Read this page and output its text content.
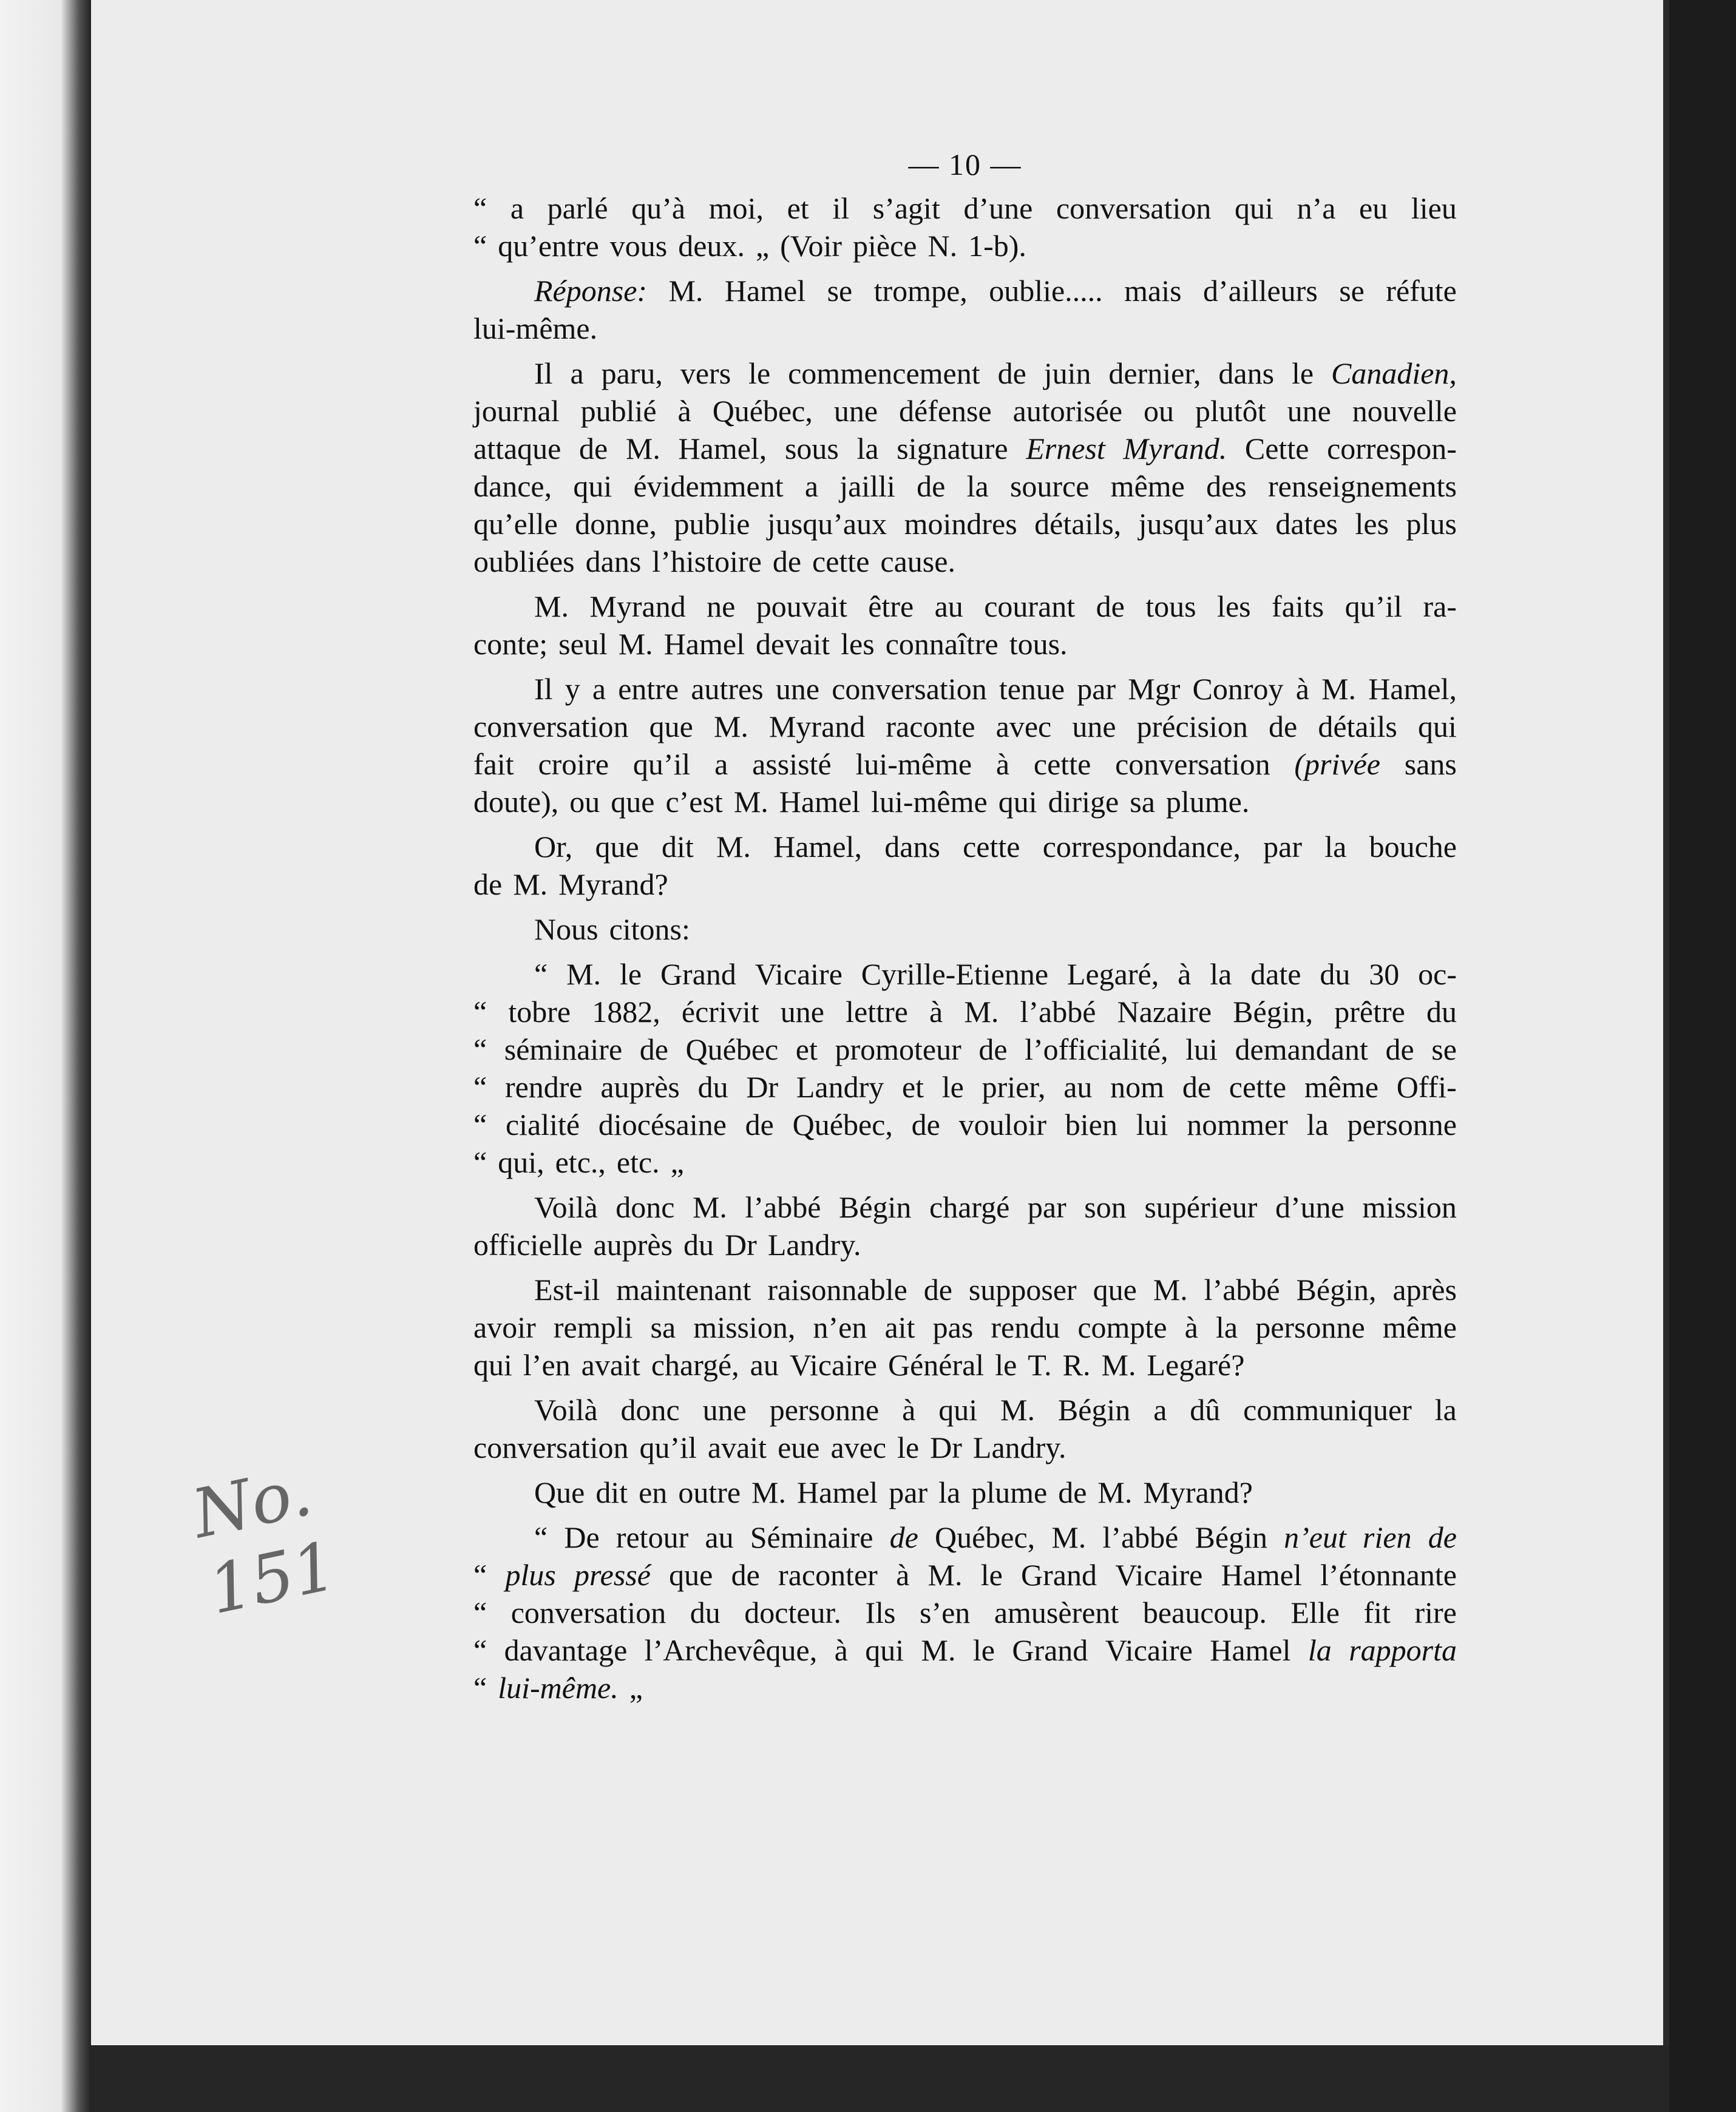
No. 151
— 10 —
“ a parlé qu’à moi, et il s’agit d’une conversation qui n’a eu lieu
“ qu’entre vous deux. „ (Voir pièce N. 1-b).
Réponse: M. Hamel se trompe, oublie..... mais d’ailleurs se réfute
lui-même.
Il a paru, vers le commencement de juin dernier, dans le Canadien,
journal publié à Québec, une défense autorisée ou plutôt une nouvelle
attaque de M. Hamel, sous la signature Ernest Myrand. Cette correspon-
dance, qui évidemment a jailli de la source même des renseignements
qu’elle donne, publie jusqu’aux moindres détails, jusqu’aux dates les plus
oubliées dans l’histoire de cette cause.
M. Myrand ne pouvait être au courant de tous les faits qu’il ra-
conte; seul M. Hamel devait les connaître tous.
Il y a entre autres une conversation tenue par Mgr Conroy à M. Hamel,
conversation que M. Myrand raconte avec une précision de détails qui
fait croire qu’il a assisté lui-même à cette conversation (privée sans
doute), ou que c’est M. Hamel lui-même qui dirige sa plume.
Or, que dit M. Hamel, dans cette correspondance, par la bouche
de M. Myrand?
Nous citons:
“ M. le Grand Vicaire Cyrille-Etienne Legaré, à la date du 30 oc-
“ tobre 1882, écrivit une lettre à M. l’abbé Nazaire Bégin, prêtre du
“ séminaire de Québec et promoteur de l’officialité, lui demandant de se
“ rendre auprès du Dr Landry et le prier, au nom de cette même Offi-
“ cialité diocésaine de Québec, de vouloir bien lui nommer la personne
“ qui, etc., etc. „
Voilà donc M. l’abbé Bégin chargé par son supérieur d’une mission
officielle auprès du Dr Landry.
Est-il maintenant raisonnable de supposer que M. l’abbé Bégin, après
avoir rempli sa mission, n’en ait pas rendu compte à la personne même
qui l’en avait chargé, au Vicaire Général le T. R. M. Legaré?
Voilà donc une personne à qui M. Bégin a dû communiquer la
conversation qu’il avait eue avec le Dr Landry.
Que dit en outre M. Hamel par la plume de M. Myrand?
“ De retour au Séminaire de Québec, M. l’abbé Bégin n’eut rien de
“ plus pressé que de raconter à M. le Grand Vicaire Hamel l’étonnante
“ conversation du docteur. Ils s’en amusèrent beaucoup. Elle fit rire
“ davantage l’Archevêque, à qui M. le Grand Vicaire Hamel la rapporta
“ lui-même. „
